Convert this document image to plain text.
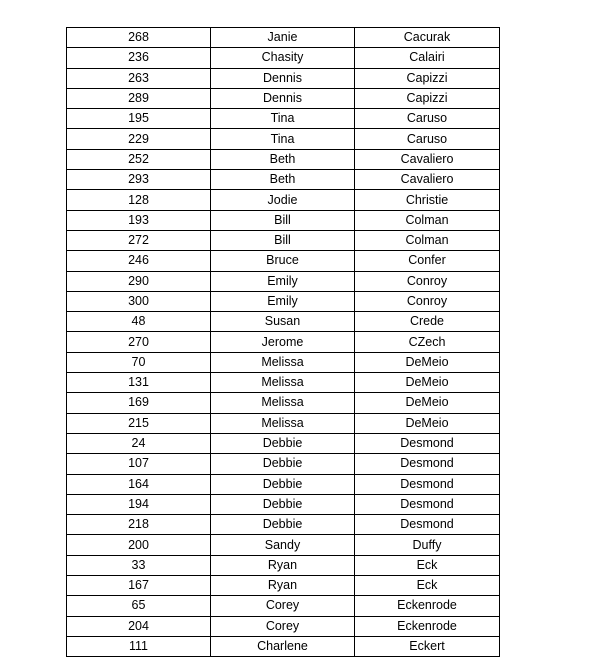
268	Janie	Cacurak
236	Chasity	Calairi
263	Dennis	Capizzi
289	Dennis	Capizzi
195	Tina	Caruso
229	Tina	Caruso
252	Beth	Cavaliero
293	Beth	Cavaliero
128	Jodie	Christie
193	Bill	Colman
272	Bill	Colman
246	Bruce	Confer
290	Emily	Conroy
300	Emily	Conroy
48	Susan	Crede
270	Jerome	CZech
70	Melissa	DeMeio
131	Melissa	DeMeio
169	Melissa	DeMeio
215	Melissa	DeMeio
24	Debbie	Desmond
107	Debbie	Desmond
164	Debbie	Desmond
194	Debbie	Desmond
218	Debbie	Desmond
200	Sandy	Duffy
33	Ryan	Eck
167	Ryan	Eck
65	Corey	Eckenrode
204	Corey	Eckenrode
111	Charlene	Eckert
